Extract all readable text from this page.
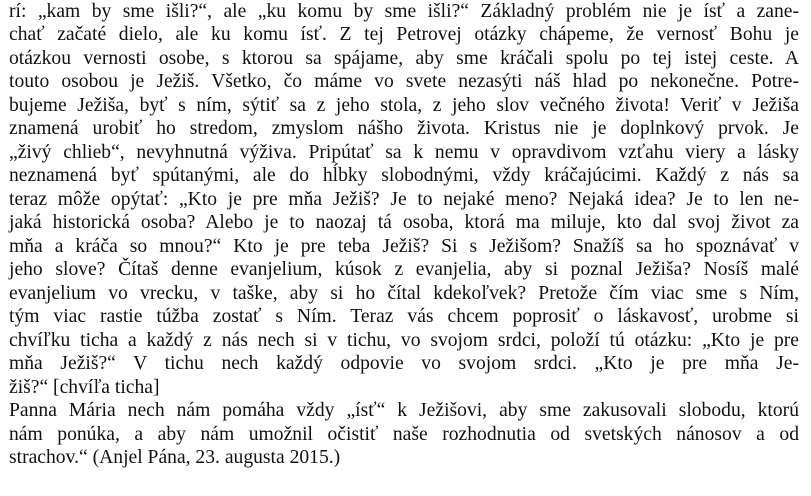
rí: „kam by sme išli?“, ale „ku komu by sme išli?“ Základný problém nie je ísť a zane-
chať začaté dielo, ale ku komu ísť. Z tej Petrovej otázky chápeme, že vernosť Bohu je
otázkou vernosti osobe, s ktorou sa spájame, aby sme kráčali spolu po tej istej ceste. A
touto osobou je Ježiš. Všetko, čo máme vo svete nezasýti náš hlad po nekonečne. Potre-
bujeme Ježiša, byť s ním, sýtiť sa z jeho stola, z jeho slov večného života! Veriť v Ježiša
znamená urobiť ho stredom, zmyslom nášho života. Kristus nie je doplnkový prvok. Je
„živý chlieb“, nevyhnutná výživa. Pripútať sa k nemu v opravdivom vzťahu viery a lásky
neznamená byť spútanými, ale do hĺbky slobodnými, vždy kráčajúcimi. Každý z nás sa
teraz môže opýtať: „Kto je pre mňa Ježiš? Je to nejaké meno? Nejaká idea? Je to len ne-
jaká historická osoba? Alebo je to naozaj tá osoba, ktorá ma miluje, kto dal svoj život za
mňa a kráča so mnou?“ Kto je pre teba Ježiš? Si s Ježišom? Snažíš sa ho spoznávať v
jeho slove? Čítaš denne evanjelium, kúsok z evanjelia, aby si poznal Ježiša? Nosíš malé
evanjelium vo vrecku, v taške, aby si ho čítal kdekoľvek? Pretože čím viac sme s Ním,
tým viac rastie túžba zostať s Ním. Teraz vás chcem poprosiť o láskavosť, urobme si
chvíľku ticha a každý z nás nech si v tichu, vo svojom srdci, položí tú otázku: „Kto je pre
mňa Ježiš?“ V tichu nech každý odpovie vo svojom srdci. „Kto je pre mňa Je-
žiš?“ [chvíľa ticha]
Panna Mária nech nám pomáha vždy „ísť“ k Ježišovi, aby sme zakusovali slobodu, ktorú
nám ponúka, a aby nám umožnil očistiť naše rozhodnutia od svetských nánosov a od
strachov.“ (Anjel Pána, 23. augusta 2015.)
